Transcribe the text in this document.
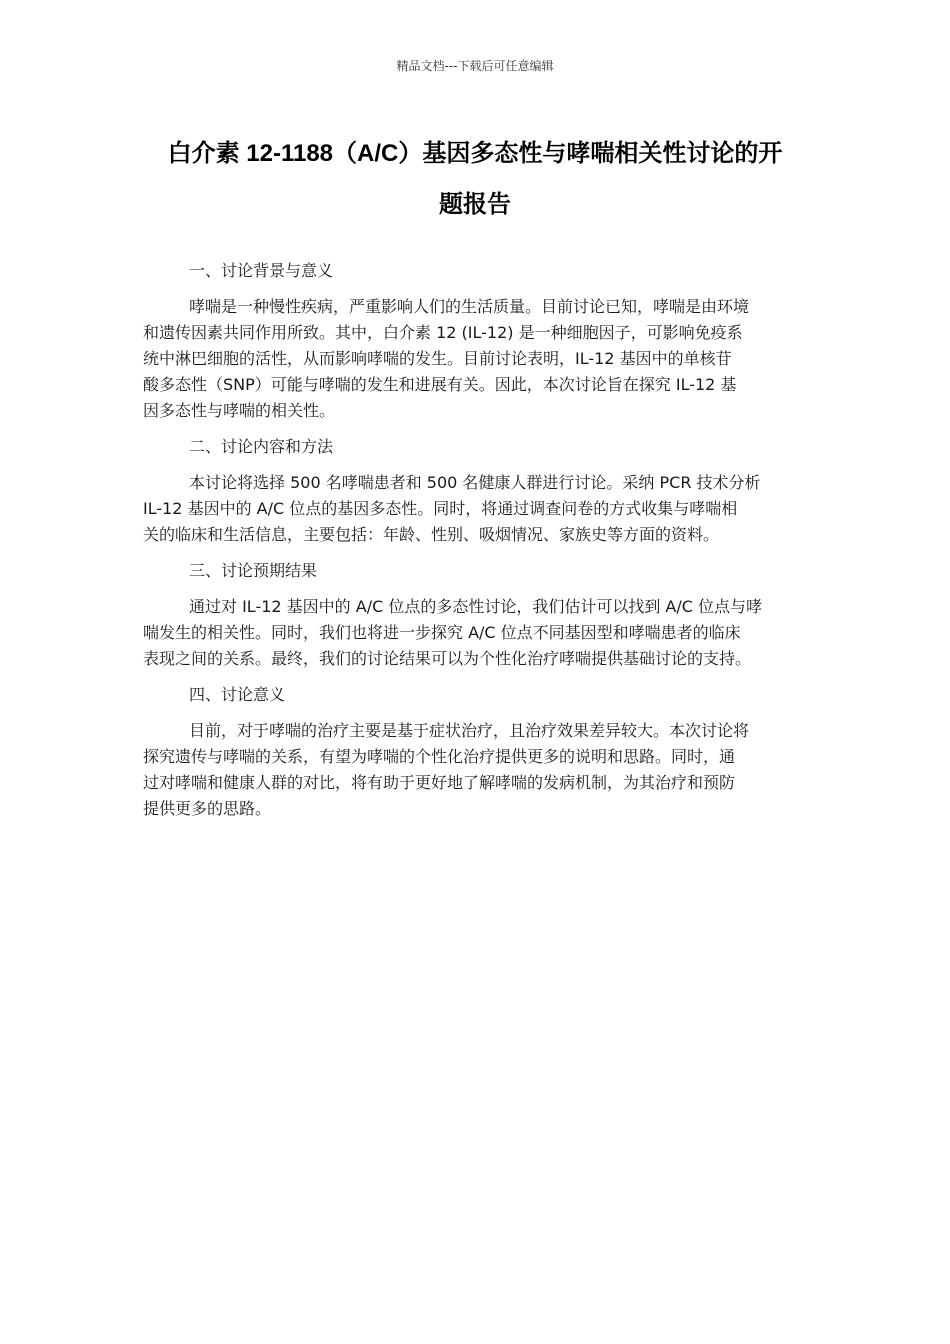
精品文档---下载后可任意编辑
白介素 12-1188（A/C）基因多态性与哮喘相关性讨论的开
题报告
一、讨论背景与意义
哮喘是一种慢性疾病，严重影响人们的生活质量。目前讨论已知，哮喘是由环境
和遗传因素共同作用所致。其中，白介素 12 (IL-12) 是一种细胞因子，可影响免疫系
统中淋巴细胞的活性，从而影响哮喘的发生。目前讨论表明，IL-12 基因中的单核苷
酸多态性（SNP）可能与哮喘的发生和进展有关。因此，本次讨论旨在探究 IL-12 基
因多态性与哮喘的相关性。
二、讨论内容和方法
本讨论将选择 500 名哮喘患者和 500 名健康人群进行讨论。采纳 PCR 技术分析
IL-12 基因中的 A/C 位点的基因多态性。同时，将通过调查问卷的方式收集与哮喘相
关的临床和生活信息，主要包括：年龄、性别、吸烟情况、家族史等方面的资料。
三、讨论预期结果
通过对 IL-12 基因中的 A/C 位点的多态性讨论，我们估计可以找到 A/C 位点与哮
喘发生的相关性。同时，我们也将进一步探究 A/C 位点不同基因型和哮喘患者的临床
表现之间的关系。最终，我们的讨论结果可以为个性化治疗哮喘提供基础讨论的支持。
四、讨论意义
目前，对于哮喘的治疗主要是基于症状治疗，且治疗效果差异较大。本次讨论将
探究遗传与哮喘的关系，有望为哮喘的个性化治疗提供更多的说明和思路。同时，通
过对哮喘和健康人群的对比，将有助于更好地了解哮喘的发病机制，为其治疗和预防
提供更多的思路。
